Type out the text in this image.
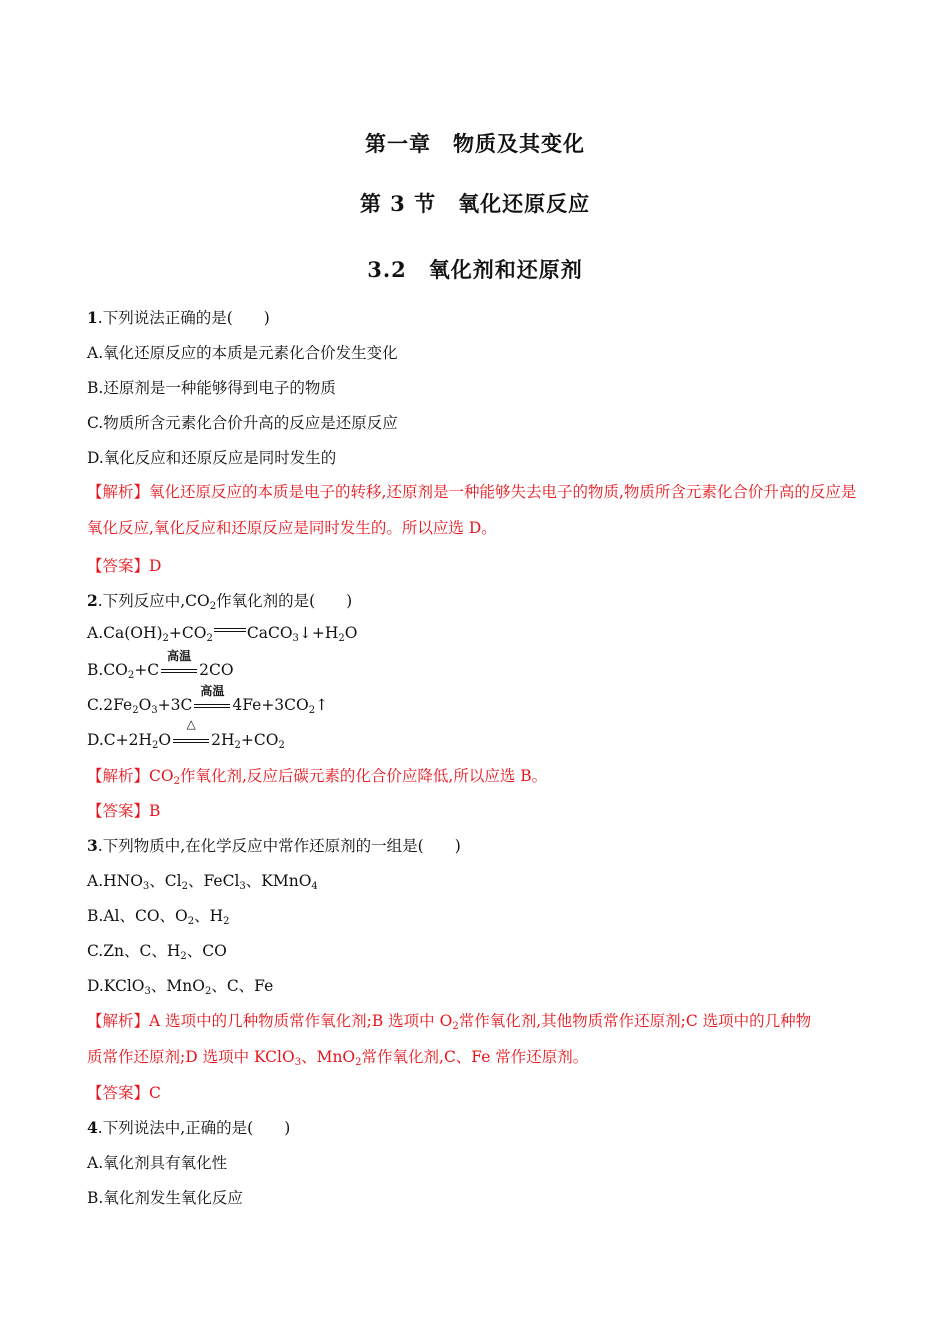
第一章　物质及其变化
第 3 节　氧化还原反应
3.2　氧化剂和还原剂
1.下列说法正确的是(　　)
A.氧化还原反应的本质是元素化合价发生变化
B.还原剂是一种能够得到电子的物质
C.物质所含元素化合价升高的反应是还原反应
D.氧化反应和还原反应是同时发生的
【解析】氧化还原反应的本质是电子的转移,还原剂是一种能够失去电子的物质,物质所含元素化合价升高的反应是氧化反应,氧化反应和还原反应是同时发生的。所以应选 D。
【答案】D
2.下列反应中$,CO_2$作氧化剂的是(　　)
$A.Ca(OH)_2+CO_2$ $CaCO_3↓+H_2O$
$B.CO_2+C$
高温
2CO
$C.2Fe_2O_3+3C$
高温
$4Fe+3CO_2↑$
$D.C+2H_2O$
△
$2H_2+CO_2$
【解析】$CO_2$作氧化剂,反应后碳元素的化合价应降低,所以应选 B。
【答案】B
3.下列物质中,在化学反应中常作还原剂的一组是(　　)
$A.HNO_3$、$Cl_2$、FeCl$_3$、KMnO$_4$
B.Al、CO、$O_2$、$H_2$
C.Zn、C、$H_2$、CO
D.KClO$_3$、MnO$_2$、C、Fe
【解析】A 选项中的几种物质常作氧化剂;B 选项中 $O_2$常作氧化剂,其他物质常作还原剂;C 选项中的几种物
质常作还原剂;D 选项中 KClO$_3$、MnO$_2$常作氧化剂,C、Fe 常作还原剂。
【答案】C
4.下列说法中,正确的是(　　)
A.氧化剂具有氧化性
B.氧化剂发生氧化反应
